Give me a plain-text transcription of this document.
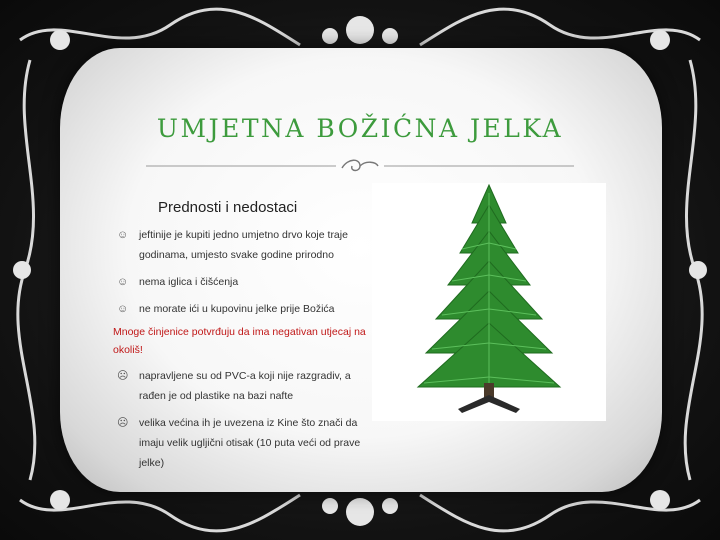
UMJETNA BOŽIĆNA JELKA
Prednosti i nedostaci
☺	jeftinije je kupiti jedno umjetno drvo koje traje godinama, umjesto svake godine prirodno
☺	nema iglica i čišćenja
☺	ne morate ići u kupovinu jelke prije Božića
Mnoge činjenice potvrđuju da ima negativan utjecaj na okoliš!
☹	napravljene su od PVC-a koji nije razgradiv, a rađen je od plastike na bazi nafte
☹	velika većina ih je uvezena iz Kine što znači da imaju velik ugljični otisak (10 puta veći od prave jelke)
